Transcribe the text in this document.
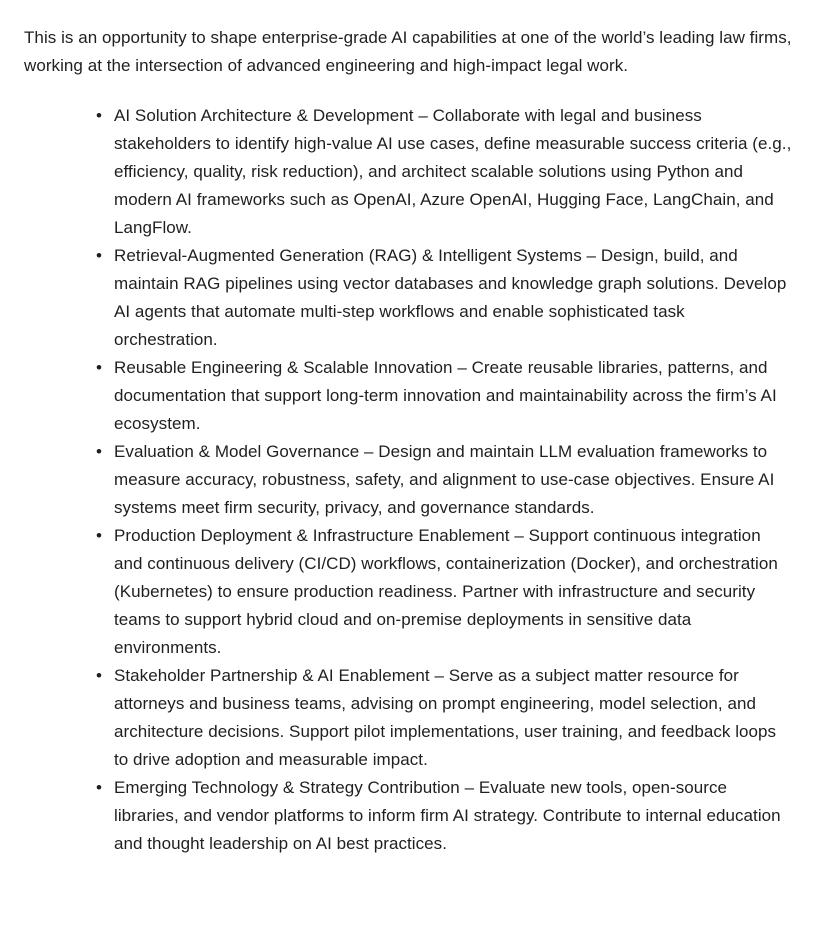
This is an opportunity to shape enterprise-grade AI capabilities at one of the world’s leading law firms, working at the intersection of advanced engineering and high-impact legal work.

• AI Solution Architecture & Development – Collaborate with legal and business stakeholders to identify high-value AI use cases, define measurable success criteria (e.g., efficiency, quality, risk reduction), and architect scalable solutions using Python and modern AI frameworks such as OpenAI, Azure OpenAI, Hugging Face, LangChain, and LangFlow.
• Retrieval-Augmented Generation (RAG) & Intelligent Systems – Design, build, and maintain RAG pipelines using vector databases and knowledge graph solutions. Develop AI agents that automate multi-step workflows and enable sophisticated task orchestration.
• Reusable Engineering & Scalable Innovation – Create reusable libraries, patterns, and documentation that support long-term innovation and maintainability across the firm’s AI ecosystem.
• Evaluation & Model Governance – Design and maintain LLM evaluation frameworks to measure accuracy, robustness, safety, and alignment to use-case objectives. Ensure AI systems meet firm security, privacy, and governance standards.
• Production Deployment & Infrastructure Enablement – Support continuous integration and continuous delivery (CI/CD) workflows, containerization (Docker), and orchestration (Kubernetes) to ensure production readiness. Partner with infrastructure and security teams to support hybrid cloud and on-premise deployments in sensitive data environments.
• Stakeholder Partnership & AI Enablement – Serve as a subject matter resource for attorneys and business teams, advising on prompt engineering, model selection, and architecture decisions. Support pilot implementations, user training, and feedback loops to drive adoption and measurable impact.
• Emerging Technology & Strategy Contribution – Evaluate new tools, open-source libraries, and vendor platforms to inform firm AI strategy. Contribute to internal education and thought leadership on AI best practices.
